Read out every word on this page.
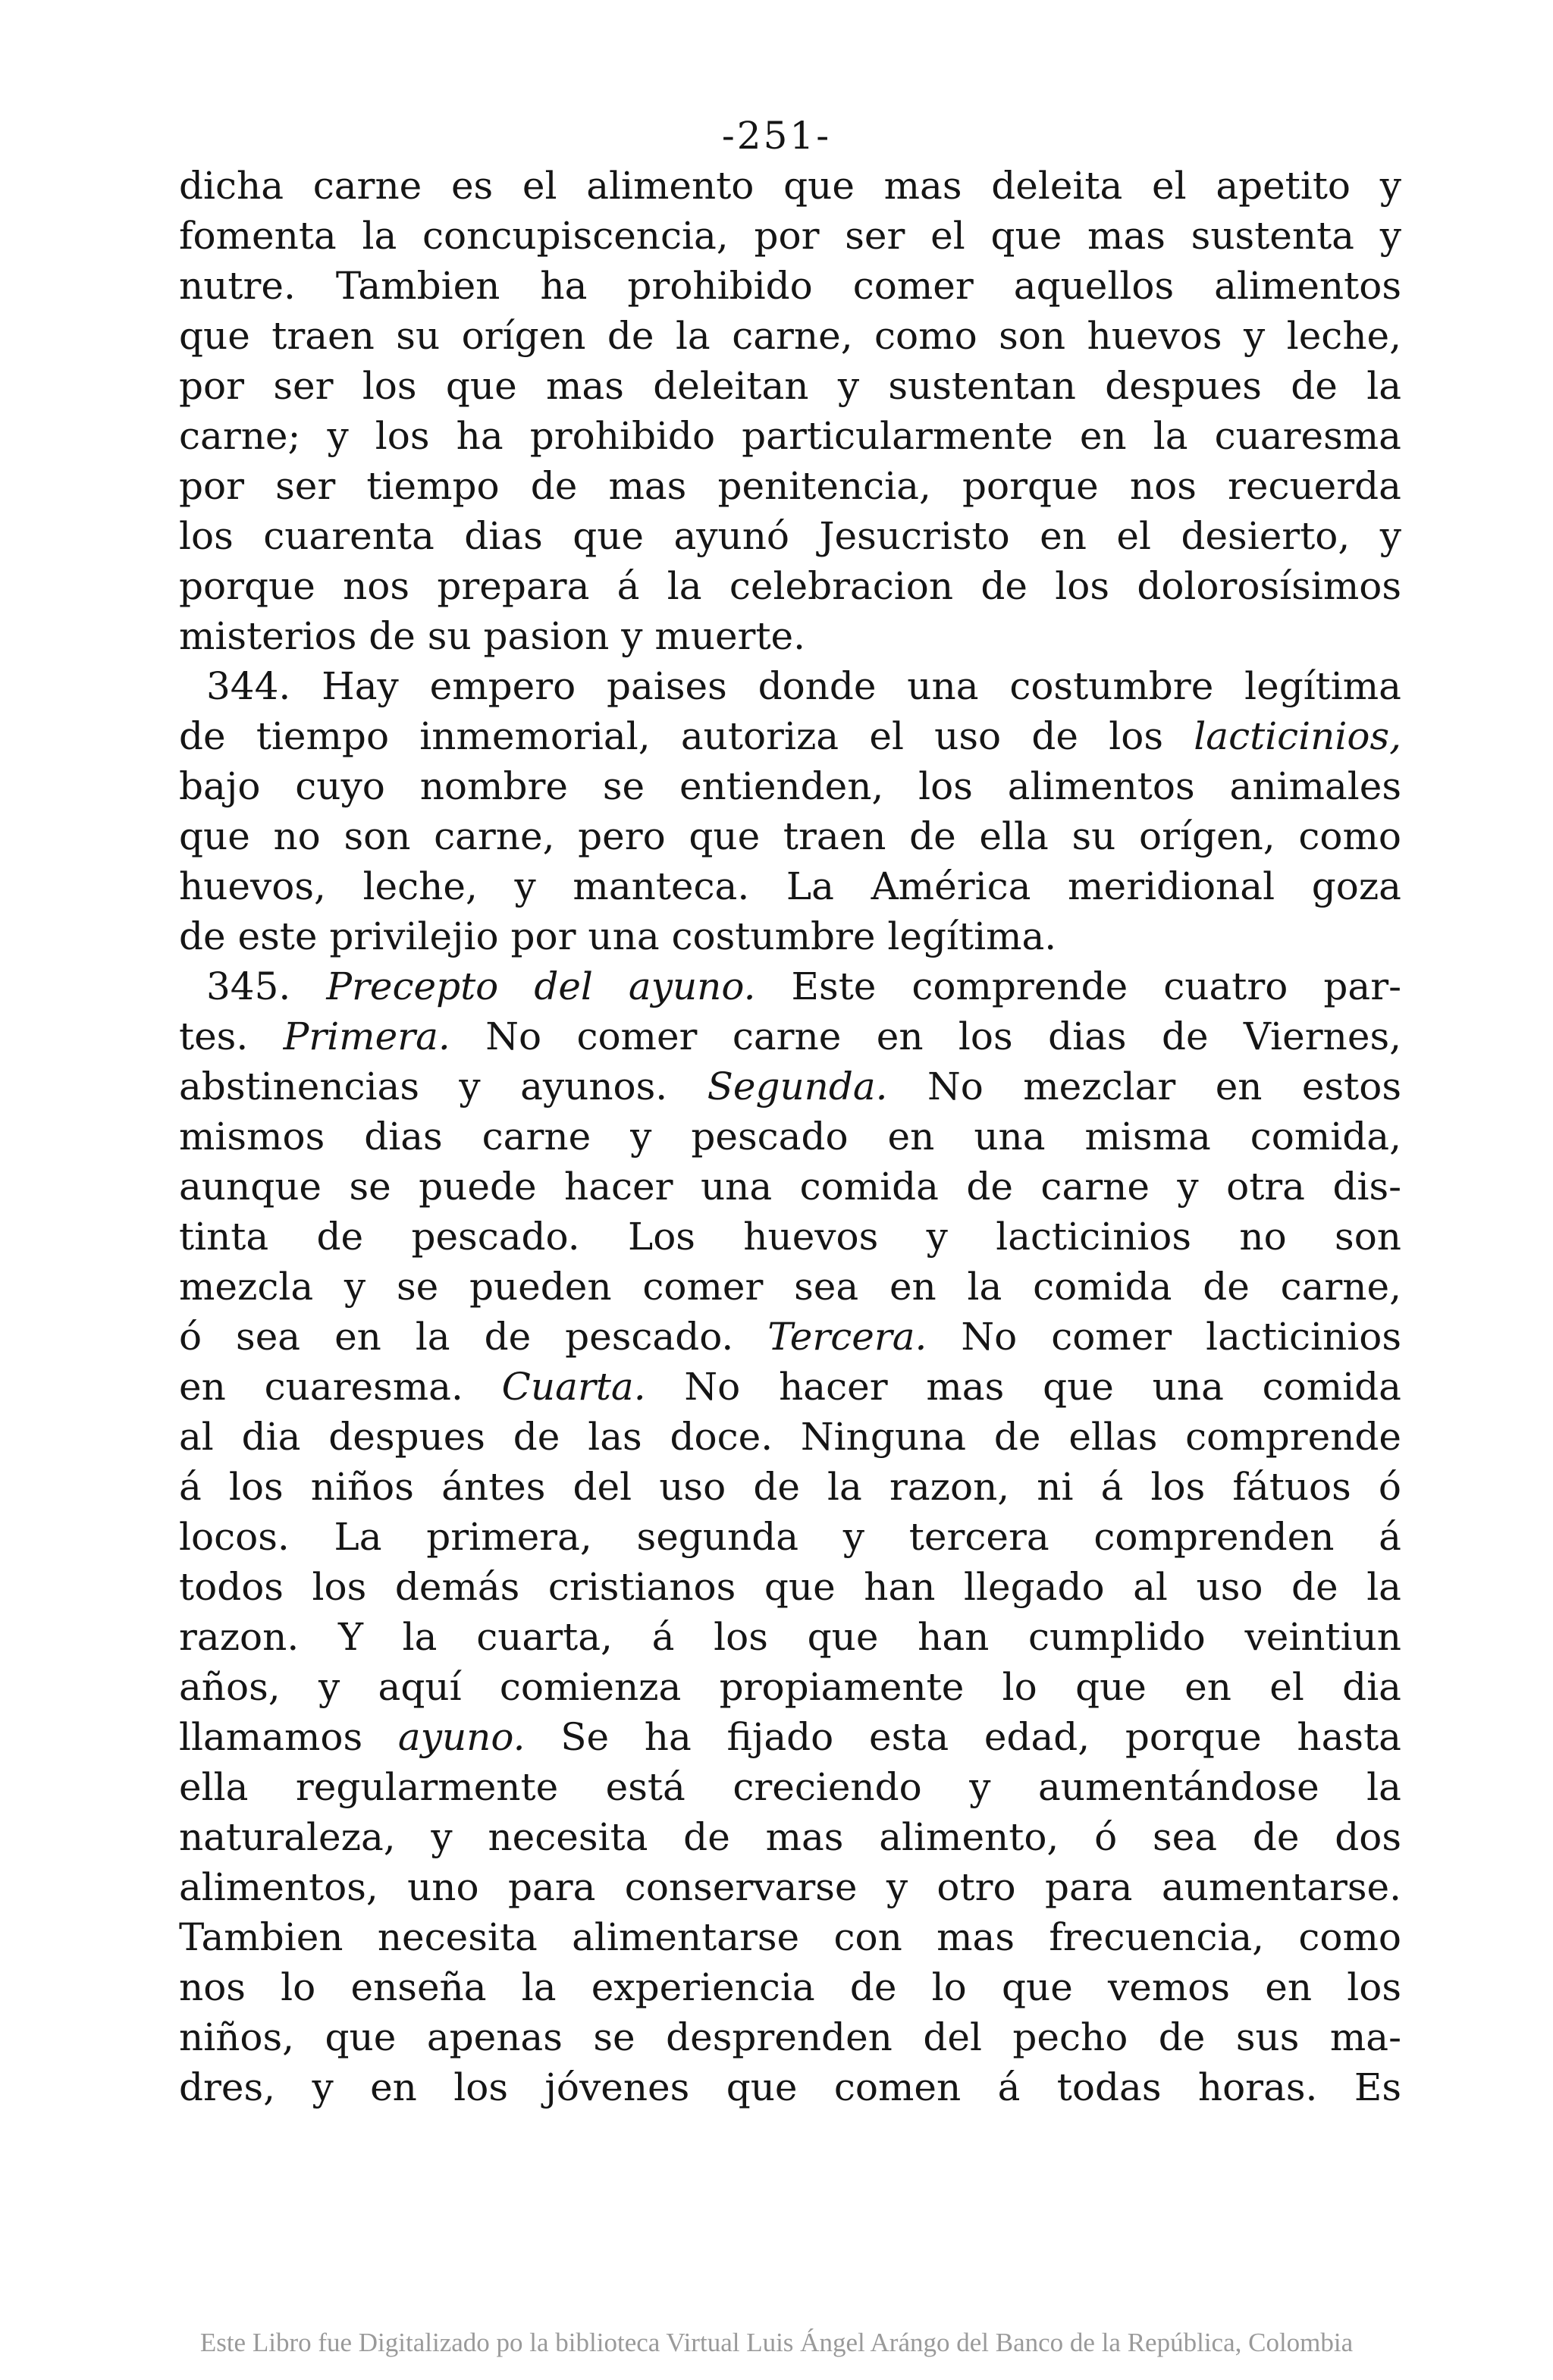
-251-
dicha carne es el alimento que mas deleita el apetito y
fomenta la concupiscencia, por ser el que mas sustenta y
nutre. Tambien ha prohibido comer aquellos alimentos
que traen su orígen de la carne, como son huevos y leche,
por ser los que mas deleitan y sustentan despues de la
carne; y los ha prohibido particularmente en la cuaresma
por ser tiempo de mas penitencia, porque nos recuerda
los cuarenta dias que ayunó Jesucristo en el desierto, y
porque nos prepara á la celebracion de los dolorosísimos
misterios de su pasion y muerte.
344. Hay empero paises donde una costumbre legítima
de tiempo inmemorial, autoriza el uso de los lacticinios,
bajo cuyo nombre se entienden, los alimentos animales
que no son carne, pero que traen de ella su orígen, como
huevos, leche, y manteca. La América meridional goza
de este privilejio por una costumbre legítima.
345. Precepto del ayuno. Este comprende cuatro par-
tes. Primera. No comer carne en los dias de Viernes,
abstinencias y ayunos. Segunda. No mezclar en estos
mismos dias carne y pescado en una misma comida,
aunque se puede hacer una comida de carne y otra dis-
tinta de pescado. Los huevos y lacticinios no son
mezcla y se pueden comer sea en la comida de carne,
ó sea en la de pescado. Tercera. No comer lacticinios
en cuaresma. Cuarta. No hacer mas que una comida
al dia despues de las doce. Ninguna de ellas comprende
á los niños ántes del uso de la razon, ni á los fátuos ó
locos. La primera, segunda y tercera comprenden á
todos los demás cristianos que han llegado al uso de la
razon. Y la cuarta, á los que han cumplido veintiun
años, y aquí comienza propiamente lo que en el dia
llamamos ayuno. Se ha fijado esta edad, porque hasta
ella regularmente está creciendo y aumentándose la
naturaleza, y necesita de mas alimento, ó sea de dos
alimentos, uno para conservarse y otro para aumentarse.
Tambien necesita alimentarse con mas frecuencia, como
nos lo enseña la experiencia de lo que vemos en los
niños, que apenas se desprenden del pecho de sus ma-
dres, y en los jóvenes que comen á todas horas. Es
Este Libro fue Digitalizado po la biblioteca Virtual Luis Ángel Arángo del Banco de la República, Colombia
